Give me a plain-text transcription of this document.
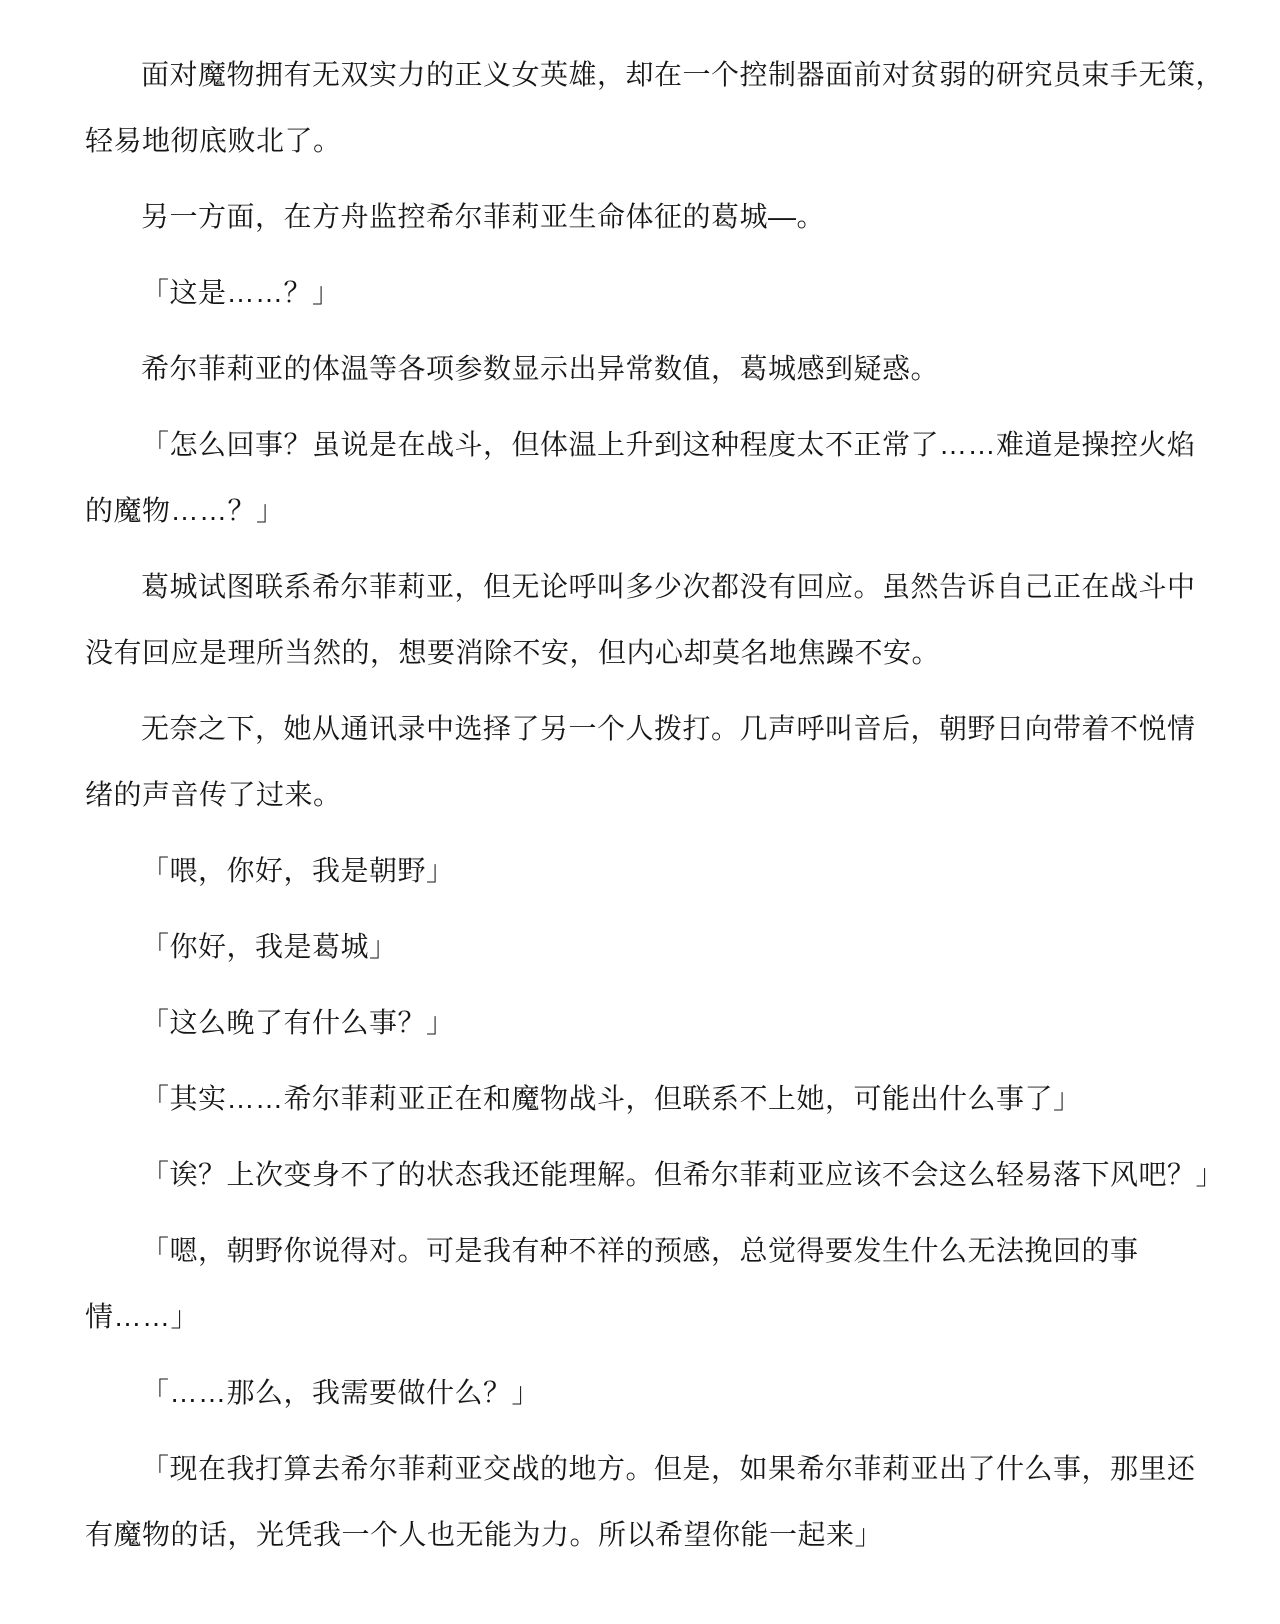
面对魔物拥有无双实力的正义女英雄，却在一个控制器面前对贫弱的研究员束手无策，
轻易地彻底败北了。
另一方面，在方舟监控希尔菲莉亚生命体征的葛城—。
「这是……？」
希尔菲莉亚的体温等各项参数显示出异常数值，葛城感到疑惑。
「怎么回事？虽说是在战斗，但体温上升到这种程度太不正常了……难道是操控火焰
的魔物……？」
葛城试图联系希尔菲莉亚，但无论呼叫多少次都没有回应。虽然告诉自己正在战斗中
没有回应是理所当然的，想要消除不安，但内心却莫名地焦躁不安。
无奈之下，她从通讯录中选择了另一个人拨打。几声呼叫音后，朝野日向带着不悦情
绪的声音传了过来。
「喂，你好，我是朝野」
「你好，我是葛城」
「这么晚了有什么事？」
「其实……希尔菲莉亚正在和魔物战斗，但联系不上她，可能出什么事了」
「诶？上次变身不了的状态我还能理解。但希尔菲莉亚应该不会这么轻易落下风吧？」
「嗯，朝野你说得对。可是我有种不祥的预感，总觉得要发生什么无法挽回的事
情……」
「……那么，我需要做什么？」
「现在我打算去希尔菲莉亚交战的地方。但是，如果希尔菲莉亚出了什么事，那里还
有魔物的话，光凭我一个人也无能为力。所以希望你能一起来」
